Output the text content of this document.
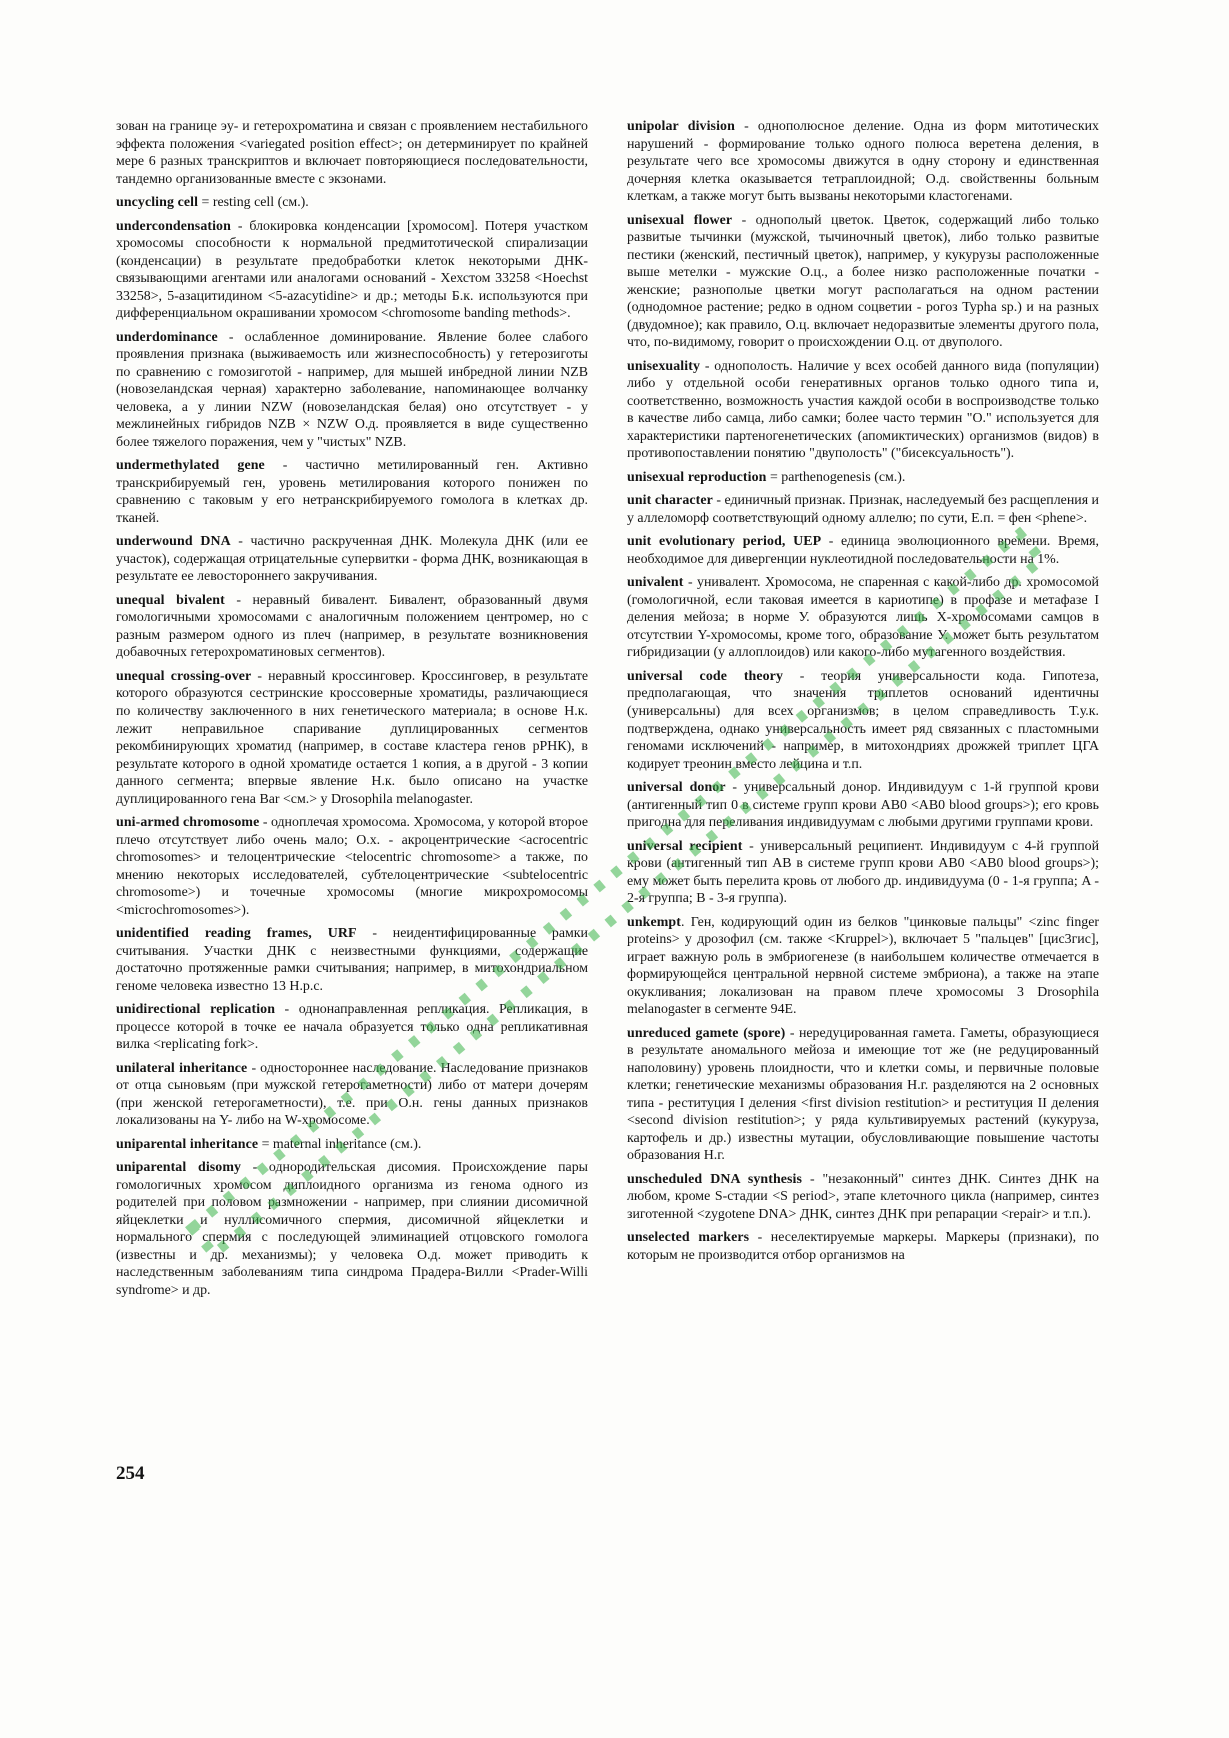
зован на границе эу- и гетерохроматина и связан с проявлением нестабильного эффекта положения <variegated position effect>; он детерминирует по крайней мере 6 разных транскриптов и включает повторяющиеся последовательности, тандемно организованные вместе с экзонами.

uncycling cell = resting cell (см.).

undercondensation - блокировка конденсации [хромосом]. Потеря участком хромосомы способности к нормальной предмитотической спирализации (конденсации) в результате предобработки клеток некоторыми ДНК-связывающими агентами или аналогами оснований - Хехстом 33258 <Hoechst 33258>, 5-азацитидином <5-azacytidine> и др.; методы Б.к. используются при дифференциальном окрашивании хромосом <chromosome banding methods>.

underdominance - ослабленное доминирование. Явление более слабого проявления признака (выживаемость или жизнеспособность) у гетерозиготы по сравнению с гомозиготой - например, для мышей инбредной линии NZB (новозеландская черная) характерно заболевание, напоминающее волчанку человека, а у линии NZW (новозеландская белая) оно отсутствует - у межлинейных гибридов NZB × NZW О.д. проявляется в виде существенно более тяжелого поражения, чем у "чистых" NZB.

undermethylated gene - частично метилированный ген. Активно транскрибируемый ген, уровень метилирования которого понижен по сравнению с таковым у его нетранскрибируемого гомолога в клетках др. тканей.

underwound DNA - частично раскрученная ДНК. Молекула ДНК (или ее участок), содержащая отрицательные супервитки - форма ДНК, возникающая в результате ее левостороннего закручивания.

unequal bivalent - неравный бивалент. Бивалент, образованный двумя гомологичными хромосомами с аналогичным положением центромер, но с разным размером одного из плеч (например, в результате возникновения добавочных гетерохроматиновых сегментов).

unequal crossing-over - неравный кроссинговер. Кроссинговер, в результате которого образуются сестринские кроссоверные хроматиды, различающиеся по количеству заключенного в них генетического материала; в основе Н.к. лежит неправильное спаривание дуплицированных сегментов рекомбинирующих хроматид (например, в составе кластера генов рРНК), в результате которого в одной хроматиде остается 1 копия, а в другой - 3 копии данного сегмента; впервые явление Н.к. было описано на участке дуплицированного гена Bar <см.> у Drosophila melanogaster.

uni-armed chromosome - одноплечая хромосома. Хромосома, у которой второе плечо отсутствует либо очень мало; О.х. - акроцентрические <acrocentric chromosomes> и телоцентрические <telocentric chromosome> а также, по мнению некоторых исследователей, субтелоцентрические <subtelocentric chromosome>) и точечные хромосомы (многие микрохромосомы <microchromosomes>).

unidentified reading frames, URF - неидентифицированные рамки считывания. Участки ДНК с неизвестными функциями, содержащие достаточно протяженные рамки считывания; например, в митохондриальном геноме человека известно 13 Н.р.с.

unidirectional replication - однонаправленная репликация. Репликация, в процессе которой в точке ее начала образуется только одна репликативная вилка <replicating fork>.

unilateral inheritance - одностороннее наследование. Наследование признаков от отца сыновьям (при мужской гетерогаметности) либо от матери дочерям (при женской гетерогаметности), т.е. при О.н. гены данных признаков локализованы на Y- либо на W-хромосоме.

uniparental inheritance = maternal inheritance (см.).

uniparental disomy - однородительская дисомия. Происхождение пары гомологичных хромосом диплоидного организма из генома одного из родителей при половом размножении - например, при слиянии дисомичной яйцеклетки и нуллисомичного спермия, дисомичной яйцеклетки и нормального спермия с последующей элиминацией отцовского гомолога (известны и др. механизмы); у человека О.д. может приводить к наследственным заболеваниям типа синдрома Прадера-Вилли <Prader-Willi syndrome> и др.

unipolar division - однополюсное деление. Одна из форм митотических нарушений - формирование только одного полюса веретена деления, в результате чего все хромосомы движутся в одну сторону и единственная дочерняя клетка оказывается тетраплоидной; О.д. свойственны больным клеткам, а также могут быть вызваны некоторыми кластогенами.

unisexual flower - однополый цветок. Цветок, содержащий либо только развитые тычинки (мужской, тычиночный цветок), либо только развитые пестики (женский, пестичный цветок), например, у кукурузы расположенные выше метелки - мужские О.ц., а более низко расположенные початки - женские; разнополые цветки могут располагаться на одном растении (однодомное растение; редко в одном соцветии - рогоз Typha sp.) и на разных (двудомное); как правило, О.ц. включает недоразвитые элементы другого пола, что, по-видимому, говорит о происхождении О.ц. от двуполого.

unisexuality - однополость. Наличие у всех особей данного вида (популяции) либо у отдельной особи генеративных органов только одного типа и, соответственно, возможность участия каждой особи в воспроизводстве только в качестве либо самца, либо самки; более часто термин "О." используется для характеристики партеногенетических (апомиктических) организмов (видов) в противопоставлении понятию "двуполость" ("бисексуальность").

unisexual reproduction = parthenogenesis (см.).

unit character - единичный признак. Признак, наследуемый без расщепления и у аллеломорф соответствующий одному аллелю; по сути, Е.п. = фен <phene>.

unit evolutionary period, UEP - единица эволюционного времени. Время, необходимое для дивергенции нуклеотидной последовательности на 1%.

univalent - унивалент. Хромосома, не спаренная с какой-либо др. хромосомой (гомологичной, если таковая имеется в кариотипе) в профазе и метафазе I деления мейоза; в норме У. образуются лишь X-хромосомами самцов в отсутствии Y-хромосомы, кроме того, образование У. может быть результатом гибридизации (у аллоплоидов) или какого-либо мутагенного воздействия.

universal code theory - теория универсальности кода. Гипотеза, предполагающая, что значения триплетов оснований идентичны (универсальны) для всех организмов; в целом справедливость Т.у.к. подтверждена, однако универсальность имеет ряд связанных с пластомными геномами исключений - например, в митохондриях дрожжей триплет ЦГА кодирует треонин вместо лейцина и т.п.

universal donor - универсальный донор. Индивидуум с 1-й группой крови (антигенный тип 0 в системе групп крови AB0 <AB0 blood groups>); его кровь пригодна для переливания индивидуумам с любыми другими группами крови.

universal recipient - универсальный реципиент. Индивидуум с 4-й группой крови (антигенный тип AB в системе групп крови AB0 <AB0 blood groups>); ему может быть перелита кровь от любого др. индивидуума (0 - 1-я группа; A - 2-я группа; B - 3-я группа).

unkempt. Ген, кодирующий один из белков "цинковые пальцы" <zinc finger proteins> у дрозофил (см. также <Kruppel>), включает 5 "пальцев" [цис3гис], играет важную роль в эмбриогенезе (в наибольшем количестве отмечается в формирующейся центральной нервной системе эмбриона), а также на этапе окукливания; локализован на правом плече хромосомы 3 Drosophila melanogaster в сегменте 94E.

unreduced gamete (spore) - нередуцированная гамета. Гаметы, образующиеся в результате аномального мейоза и имеющие тот же (не редуцированный наполовину) уровень плоидности, что и клетки сомы, и первичные половые клетки; генетические механизмы образования Н.г. разделяются на 2 основных типа - реституция I деления <first division restitution> и реституция II деления <second division restitution>; у ряда культивируемых растений (кукуруза, картофель и др.) известны мутации, обусловливающие повышение частоты образования Н.г.

unscheduled DNA synthesis - "незаконный" синтез ДНК. Синтез ДНК на любом, кроме S-стадии <S period>, этапе клеточного цикла (например, синтез зиготенной <zygotene DNA> ДНК, синтез ДНК при репарации <repair> и т.п.).

unselected markers - неселектируемые маркеры. Маркеры (признаки), по которым не производится отбор организмов на

254
